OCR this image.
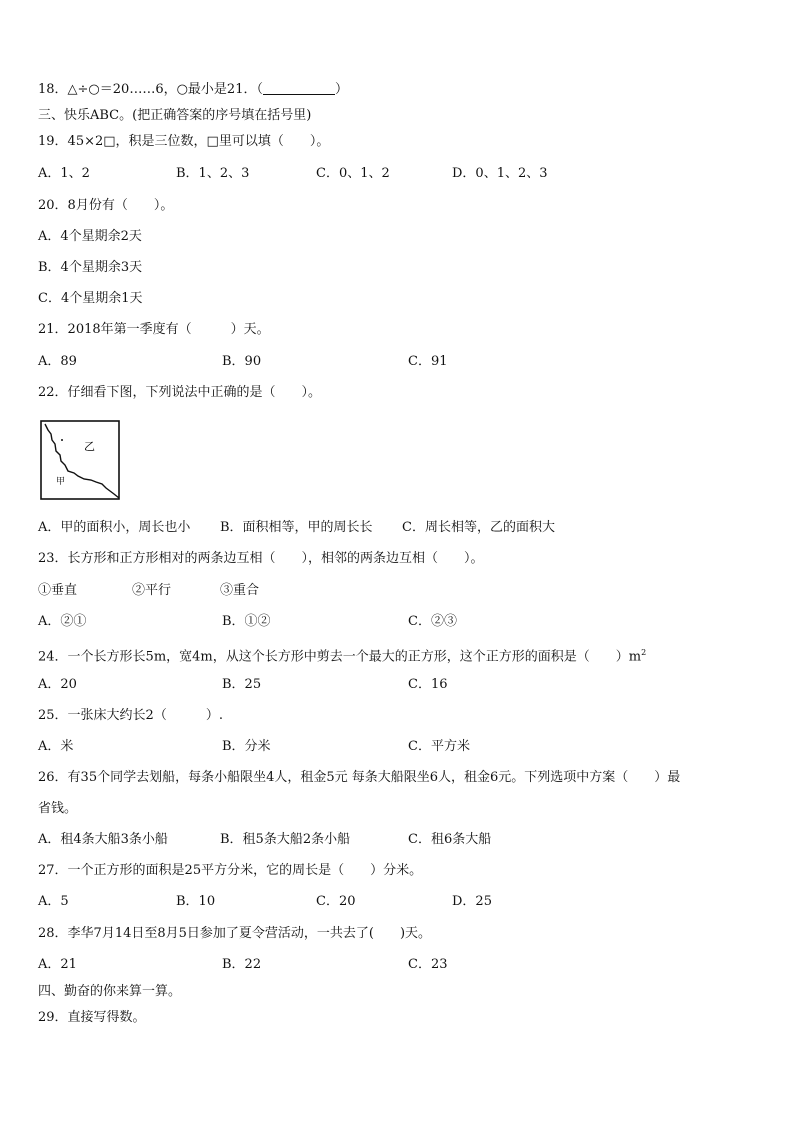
18．△÷○＝20……6，○最小是21．（	）
三、快乐ABC。(把正确答案的序号填在括号里)
19．45×2□，积是三位数，□里可以填（　　）。
A．1、2	B．1、2、3	C．0、1、2	D．0、1、2、3
20．8月份有（　　）。
A．4个星期余2天
B．4个星期余3天
C．4个星期余1天
21．2018年第一季度有（　　　）天。
A．89	B．90	C．91
22．仔细看下图，下列说法中正确的是（　　）。
乙
甲
A．甲的面积小，周长也小 B．面积相等，甲的周长长 C．周长相等，乙的面积大
23．长方形和正方形相对的两条边互相（　　），相邻的两条边互相（　　）。
①垂直	②平行	③重合
A．②①	B．①②	C．②③
24．一个长方形长5m，宽4m，从这个长方形中剪去一个最大的正方形，这个正方形的面积是（　　）$m^2$
A．20	B．25	C．16
25．一张床大约长2（　　　）.
A．米	B．分米	C．平方米
26．有35个同学去划船，每条小船限坐4人，租金5元 每条大船限坐6人，租金6元。下列选项中方案（　　）最
省钱。
A．租4条大船3条小船	B．租5条大船2条小船	C．租6条大船
27．一个正方形的面积是25平方分米，它的周长是（　　）分米。
A．5	B．10	C．20	D．25
28．李华7月14日至8月5日参加了夏令营活动，一共去了(　　)天。
A．21	B．22	C．23
四、勤奋的你来算一算。
29．直接写得数。
